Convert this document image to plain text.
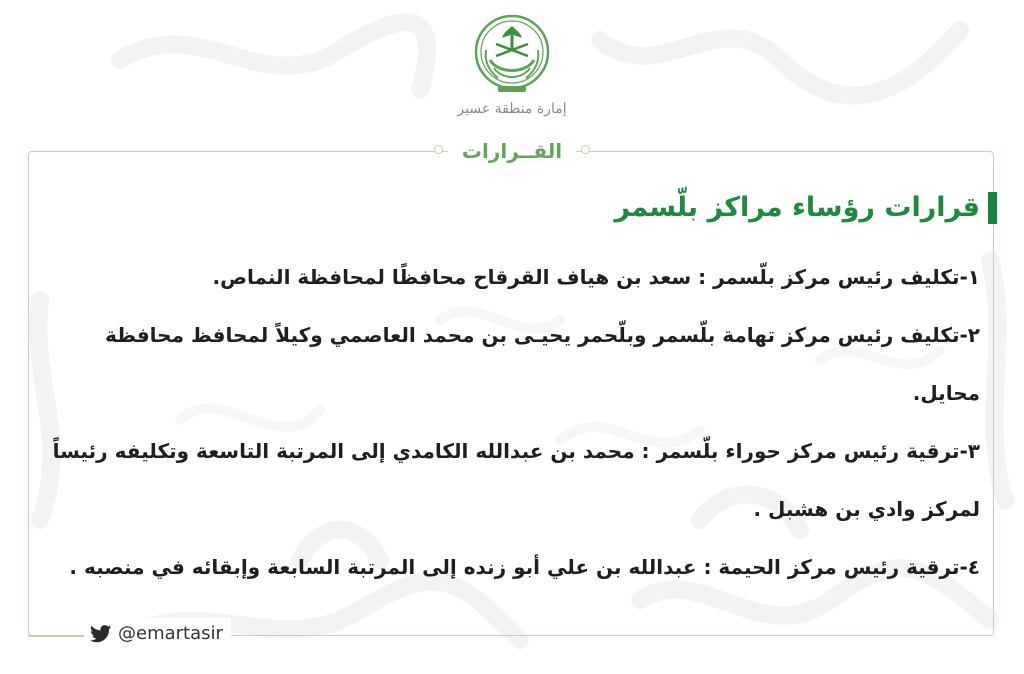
إمارة منطقة عسير
القــرارات
قرارات رؤساء مراكز بلّسمر
١-تكليف رئيس مركز بلّسمر : سعد بن هياف القرقاح محافظًا لمحافظة النماص.
٢-تكليف رئيس مركز تهامة بلّسمر وبلّحمر يحيـى بن محمد العاصمي وكيلاً لمحافظ محافظة محايل.
٣-ترقية رئيس مركز حوراء بلّسمر : محمد بن عبدالله الكامدي إلى المرتبة التاسعة وتكليفه رئيساً لمركز وادي بن هشبل .
٤-ترقية رئيس مركز الحيمة : عبدالله بن علي أبو زنده إلى المرتبة السابعة وإبقائه في منصبه .
@emartasir
